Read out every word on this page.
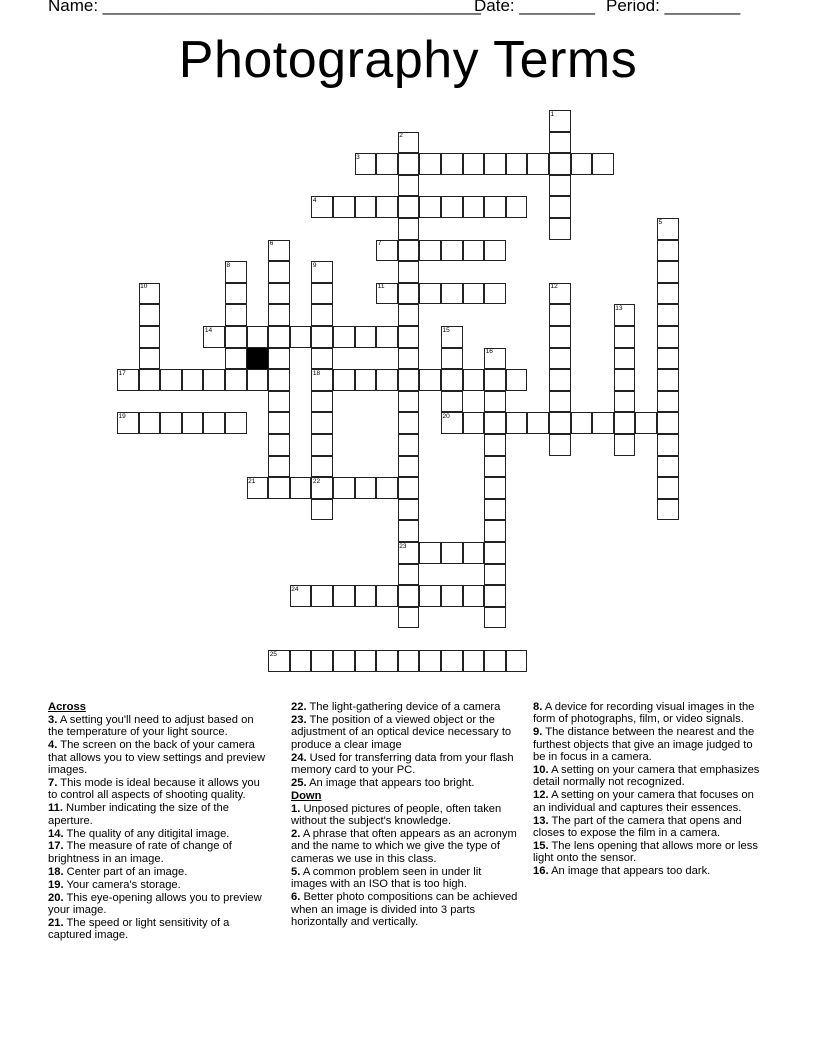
Name: ________________________________________

Date: ________

Period: ________

Photography Terms
1
2
3
4
5
6	7
8	9
10	11	12
13
14	15
16
17	18
19	20
21	22
23
24
25
Across
3. A setting you'll need to adjust based on the temperature of your light source.
4. The screen on the back of your camera that allows you to view settings and preview images.
7. This mode is ideal because it allows you to control all aspects of shooting quality.
11. Number indicating the size of the aperture.
14. The quality of any ditigital image.
17. The measure of rate of change of brightness in an image.
18. Center part of an image.
19. Your camera's storage.
20. This eye-opening allows you to preview your image.
21. The speed or light sensitivity of a captured image.
22. The light-gathering device of a camera
23. The position of a viewed object or the adjustment of an optical device necessary to produce a clear image
24. Used for transferring data from your flash memory card to your PC.
25. An image that appears too bright.
Down
1. Unposed pictures of people, often taken without the subject's knowledge.
2. A phrase that often appears as an acronym and the name to which we give the type of cameras we use in this class.
5. A common problem seen in under lit images with an ISO that is too high.
6. Better photo compositions can be achieved when an image is divided into 3 parts horizontally and vertically.
8. A device for recording visual images in the form of photographs, film, or video signals.
9. The distance between the nearest and the furthest objects that give an image judged to be in focus in a camera.
10. A setting on your camera that emphasizes detail normally not recognized.
12. A setting on your camera that focuses on an individual and captures their essences.
13. The part of the camera that opens and closes to expose the film in a camera.
15. The lens opening that allows more or less light onto the sensor.
16. An image that appears too dark.
